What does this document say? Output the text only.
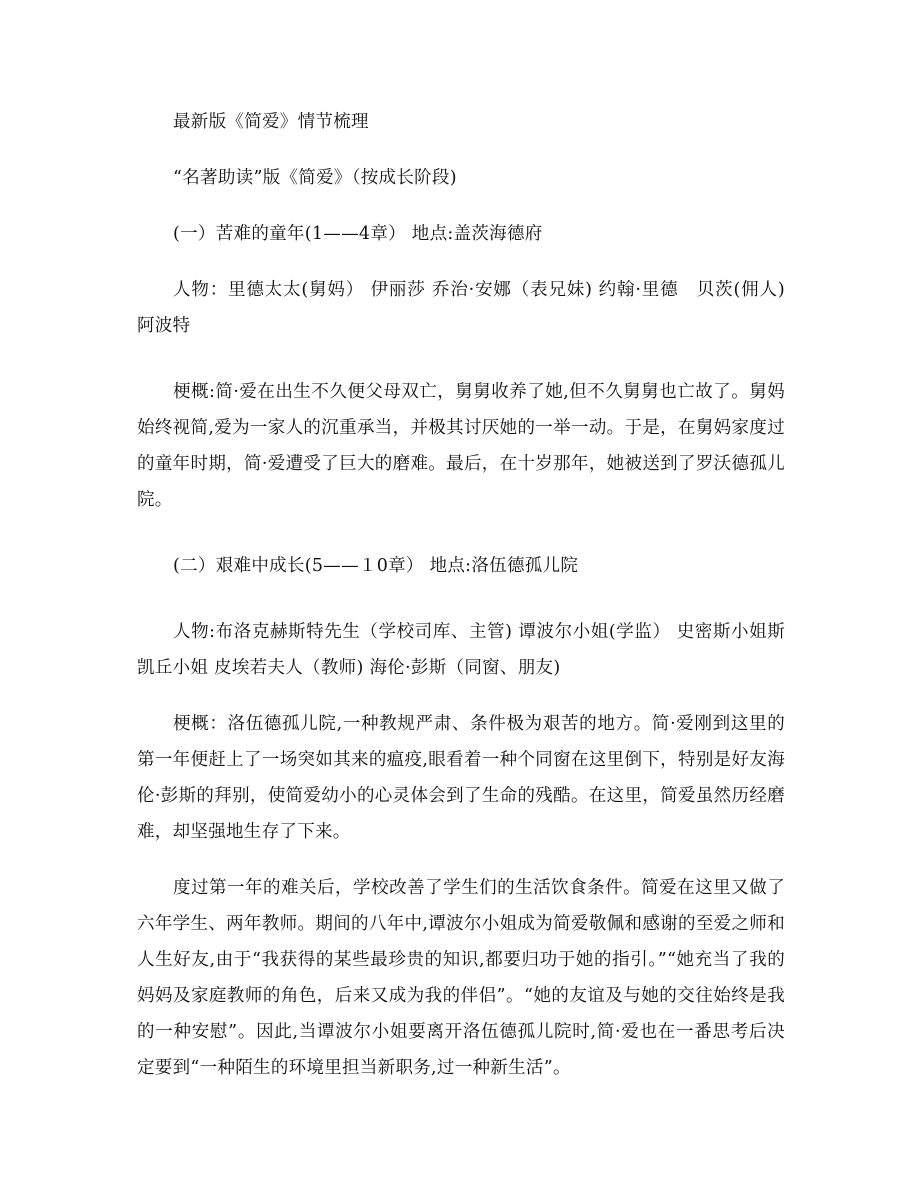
最新版《简爱》情节梳理

“名著助读”版《简爱》（按成长阶段)

(一）苦难的童年(1——4章） 地点:盖茨海德府

人物：里德太太(舅妈） 伊丽莎 乔治·安娜（表兄妹) 约翰·里德　贝茨(佣人) 阿波特

梗概:简·爱在出生不久便父母双亡，舅舅收养了她,但不久舅舅也亡故了。舅妈始终视简,爱为一家人的沉重承当，并极其讨厌她的一举一动。于是，在舅妈家度过的童年时期，简·爱遭受了巨大的磨难。最后，在十岁那年，她被送到了罗沃德孤儿院。

(二）艰难中成长(5——１0章） 地点:洛伍德孤儿院

人物:布洛克赫斯特先生（学校司库、主管) 谭波尔小姐(学监） 史密斯小姐斯凯丘小姐 皮埃若夫人（教师) 海伦·彭斯（同窗、朋友)

梗概：洛伍德孤儿院,一种教规严肃、条件极为艰苦的地方。简·爱刚到这里的第一年便赶上了一场突如其来的瘟疫,眼看着一种个同窗在这里倒下，特别是好友海伦·彭斯的拜别，使简爱幼小的心灵体会到了生命的残酷。在这里，简爱虽然历经磨难，却坚强地生存了下来。

度过第一年的难关后，学校改善了学生们的生活饮食条件。简爱在这里又做了六年学生、两年教师。期间的八年中,谭波尔小姐成为简爱敬佩和感谢的至爱之师和人生好友,由于“我获得的某些最珍贵的知识,都要归功于她的指引。”“她充当了我的妈妈及家庭教师的角色，后来又成为我的伴侣”。“她的友谊及与她的交往始终是我的一种安慰”。因此,当谭波尔小姐要离开洛伍德孤儿院时,简·爱也在一番思考后决定要到“一种陌生的环境里担当新职务,过一种新生活”。
